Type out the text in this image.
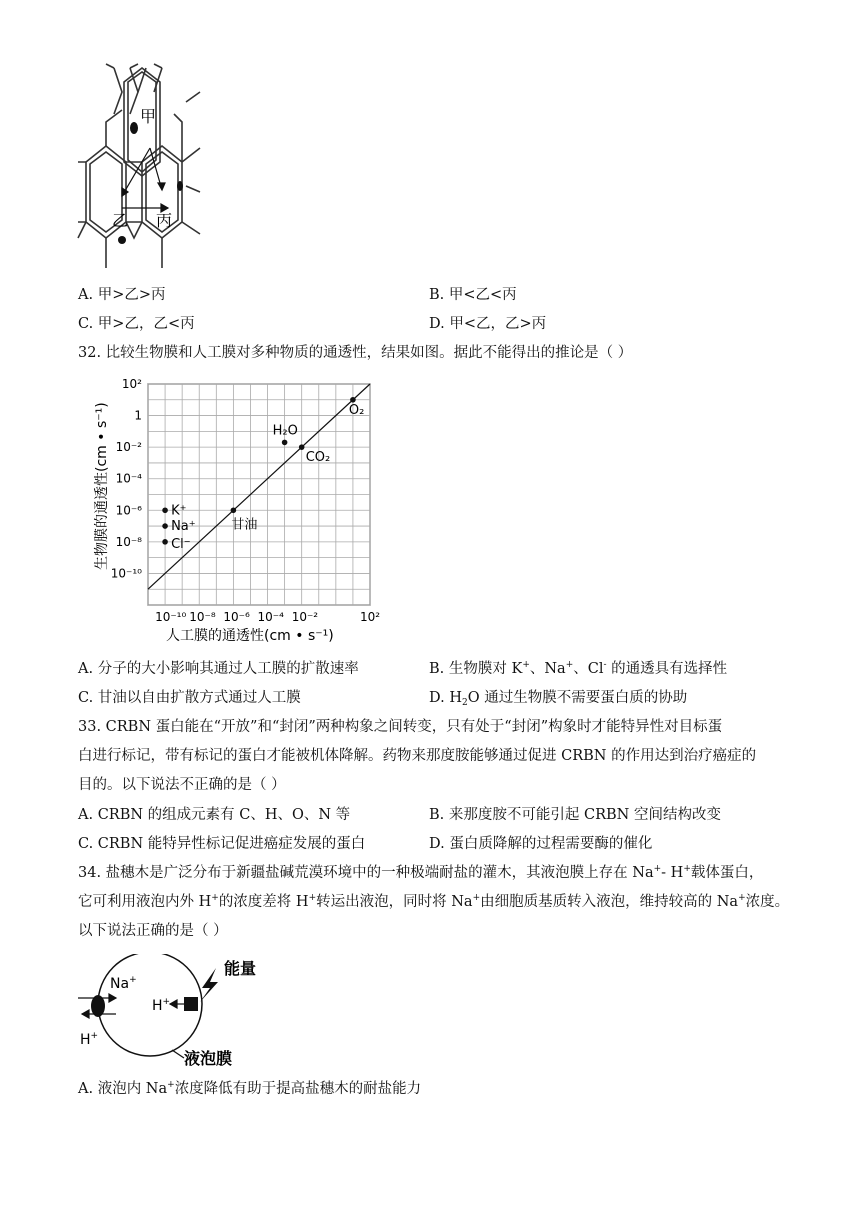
甲
乙 丙
A. 甲>乙>丙	B. 甲<乙<丙
C. 甲>乙，乙<丙	D. 甲<乙，乙>丙
32. 比较生物膜和人工膜对多种物质的通透性，结果如图。据此不能得出的推论是（ ）
10⁻¹⁰ 10⁻⁸ 10⁻⁶ 10⁻⁴ 10⁻²	10²
10²
1
10⁻²
10⁻⁴
10⁻⁶
10⁻⁸
10⁻¹⁰
O₂
H₂O
CO₂
甘油
K⁺
Na⁺
Cl⁻
生物膜的通透性(cm • s⁻¹)
人工膜的通透性(cm • s⁻¹)
A. 分子的大小影响其通过人工膜的扩散速率	B. 生物膜对 K+、Na+、Cl- 的通透具有选择性
C. 甘油以自由扩散方式通过人工膜	D. $H_2O$ 通过生物膜不需要蛋白质的协助
33. CRBN 蛋白能在“开放”和“封闭”两种构象之间转变，只有处于“封闭”构象时才能特异性对目标蛋
白进行标记，带有标记的蛋白才能被机体降解。药物来那度胺能够通过促进 CRBN 的作用达到治疗癌症的
目的。以下说法不正确的是（ ）
A. CRBN 的组成元素有 C、H、O、N 等	B. 来那度胺不可能引起 CRBN 空间结构改变
C. CRBN 能特异性标记促进癌症发展的蛋白	D. 蛋白质降解的过程需要酶的催化
34. 盐穗木是广泛分布于新疆盐碱荒漠环境中的一种极端耐盐的灌木，其液泡膜上存在 Na+- H+载体蛋白，
它可利用液泡内外 H+的浓度差将 H+转运出液泡，同时将 Na+由细胞质基质转入液泡，维持较高的 Na+浓度。
以下说法正确的是（ ）
能量
Na+
H+
H+
液泡膜
A. 液泡内 Na+浓度降低有助于提高盐穗木的耐盐能力
